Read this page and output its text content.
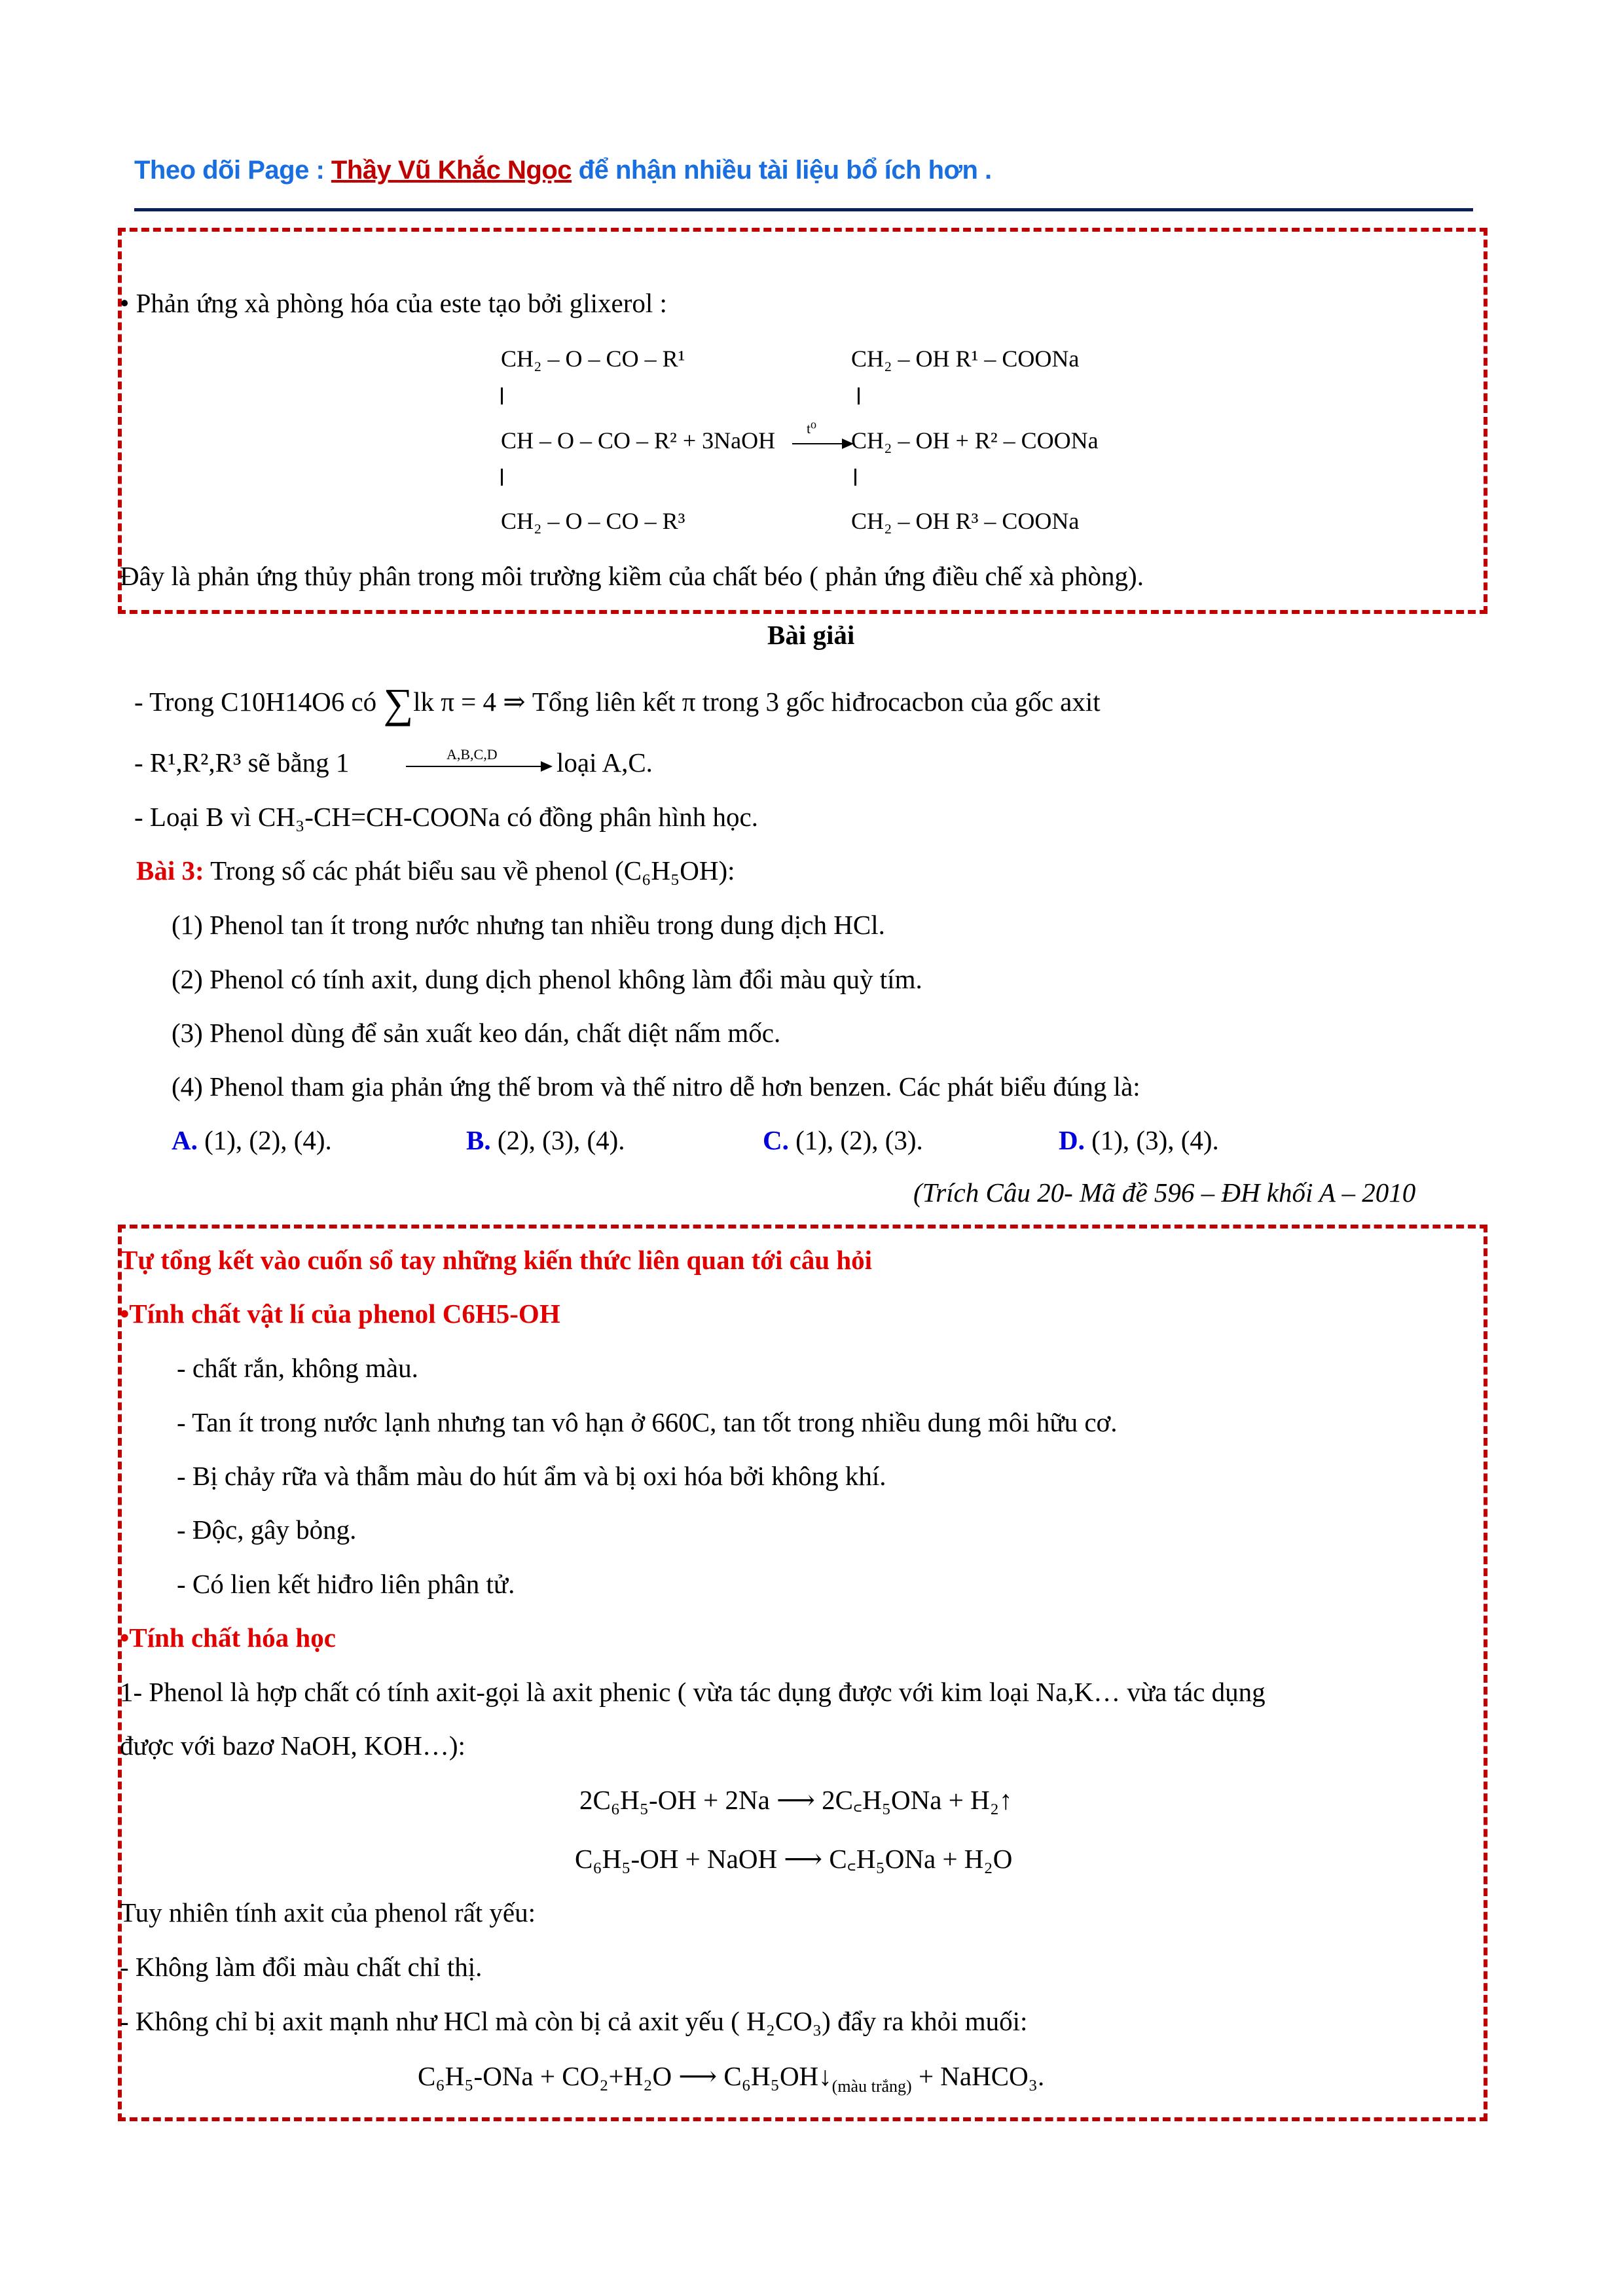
Theo dõi Page : Thầy Vũ Khắc Ngọc để nhận nhiều tài liệu bổ ích hơn .
• Phản ứng xà phòng hóa của este tạo bởi glixerol :
CH₂ – O – CO – R¹
CH – O – CO – R² + 3NaOH
CH₂ – O – CO – R³
t⁰
CH₂ – OH R¹ – COONa
CH₂ – OH + R² – COONa
CH₂ – OH R³ – COONa
Đây là phản ứng thủy phân trong môi trường kiềm của chất béo ( phản ứng điều chế xà phòng).
Bài giải
- Trong C10H14O6 có ∑lk π = 4 ⇒ Tổng liên kết π trong 3 gốc hiđrocacbon của gốc axit
- R¹,R²,R³ sẽ bằng 1	A,B,C,D loại A,C.
- Loại B vì CH₃-CH=CH-COONa có đồng phân hình học.
Bài 3: Trong số các phát biểu sau về phenol (C₆H₅OH):
(1) Phenol tan ít trong nước nhưng tan nhiều trong dung dịch HCl.
(2) Phenol có tính axit, dung dịch phenol không làm đổi màu quỳ tím.
(3) Phenol dùng để sản xuất keo dán, chất diệt nấm mốc.
(4) Phenol tham gia phản ứng thế brom và thế nitro dễ hơn benzen. Các phát biểu đúng là:
A. (1), (2), (4).	B. (2), (3), (4).	C. (1), (2), (3).	D. (1), (3), (4).
(Trích Câu 20- Mã đề 596 – ĐH khối A – 2010
Tự tổng kết vào cuốn sổ tay những kiến thức liên quan tới câu hỏi
•Tính chất vật lí của phenol C6H5-OH
- chất rắn, không màu.
- Tan ít trong nước lạnh nhưng tan vô hạn ở 660C, tan tốt trong nhiều dung môi hữu cơ.
- Bị chảy rữa và thẫm màu do hút ẩm và bị oxi hóa bởi không khí.
- Độc, gây bỏng.
- Có lien kết hiđro liên phân tử.
•Tính chất hóa học
1- Phenol là hợp chất có tính axit-gọi là axit phenic ( vừa tác dụng được với kim loại Na,K… vừa tác dụng
được với bazơ NaOH, KOH…):
2C₆H₅-OH + 2Na ⟶ 2C꜀H₅ONa + H₂↑
C₆H₅-OH + NaOH ⟶ C꜀H₅ONa + H₂O
Tuy nhiên tính axit của phenol rất yếu:
- Không làm đổi màu chất chỉ thị.
- Không chỉ bị axit mạnh như HCl mà còn bị cả axit yếu ( H₂CO₃) đẩy ra khỏi muối:
C₆H₅-ONa + CO₂+H₂O ⟶ $C_6H_5OH↓_{(màu trắng)}$ + NaHCO₃.
